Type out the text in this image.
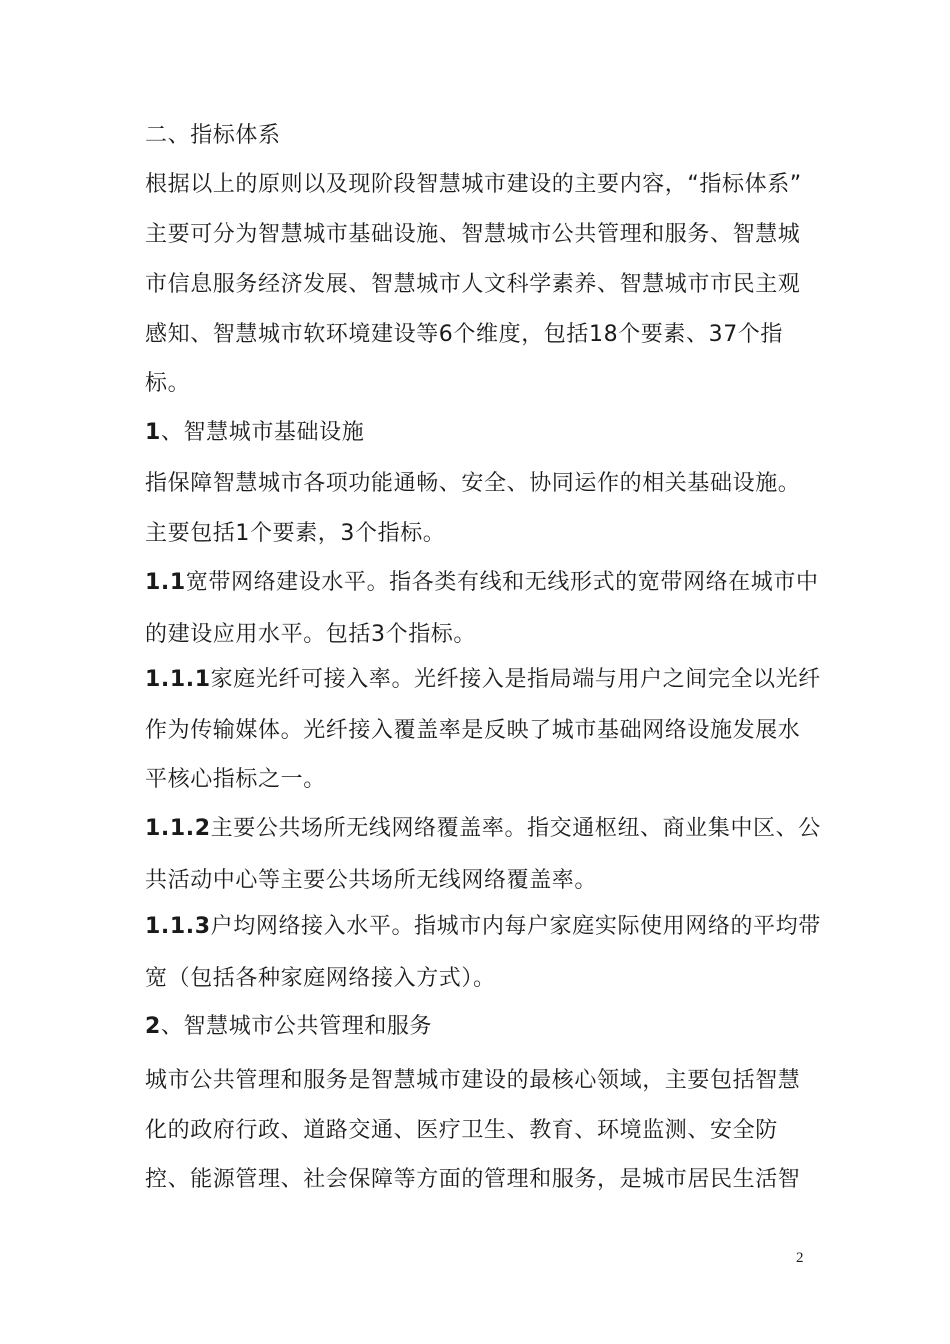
二、指标体系
根据以上的原则以及现阶段智慧城市建设的主要内容，“指标体系”
主要可分为智慧城市基础设施、智慧城市公共管理和服务、智慧城
市信息服务经济发展、智慧城市人文科学素养、智慧城市市民主观
感知、智慧城市软环境建设等6个维度，包括18个要素、37个指
标。
1、智慧城市基础设施
指保障智慧城市各项功能通畅、安全、协同运作的相关基础设施。
主要包括1个要素，3个指标。
1.1宽带网络建设水平。指各类有线和无线形式的宽带网络在城市中
的建设应用水平。包括3个指标。
1.1.1家庭光纤可接入率。光纤接入是指局端与用户之间完全以光纤
作为传输媒体。光纤接入覆盖率是反映了城市基础网络设施发展水
平核心指标之一。
1.1.2主要公共场所无线网络覆盖率。指交通枢纽、商业集中区、公
共活动中心等主要公共场所无线网络覆盖率。
1.1.3户均网络接入水平。指城市内每户家庭实际使用网络的平均带
宽（包括各种家庭网络接入方式）。
2、智慧城市公共管理和服务
城市公共管理和服务是智慧城市建设的最核心领域，主要包括智慧
化的政府行政、道路交通、医疗卫生、教育、环境监测、安全防
控、能源管理、社会保障等方面的管理和服务，是城市居民生活智
2
